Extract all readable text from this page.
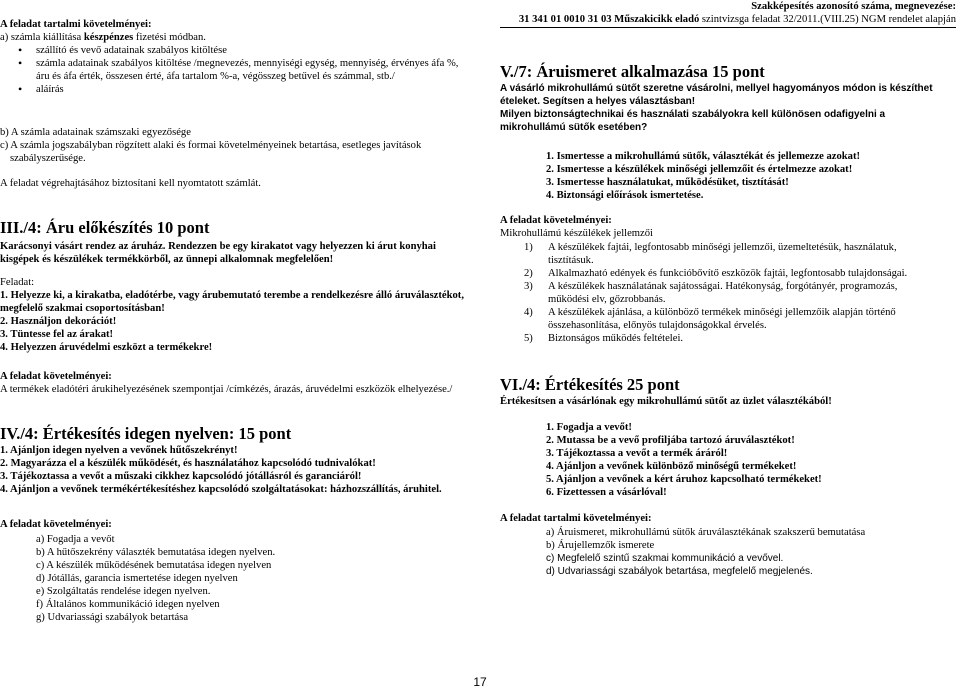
Szakképesítés azonosító száma, megnevezése:
31 341 01 0010 31 03 Műszakicikk eladó szintvizsga feladat 32/2011.(VIII.25) NGM rendelet alapján

A feladat tartalmi követelményei:

a) számla kiállítása készpénzes fizetési módban.

• szállító és vevő adatainak szabályos kitöltése
• számla adatainak szabályos kitöltése /megnevezés, mennyiségi egység, mennyiség, érvényes áfa %, áru és áfa érték, összesen érté, áfa tartalom %-a, végösszeg betűvel és számmal, stb./
• aláírás

b) A számla adatainak számszaki egyezősége

c) A számla jogszabályban rögzített alaki és formai követelményeinek betartása, esetleges javítások szabályszerűsége.

A feladat végrehajtásához biztosítani kell nyomtatott számlát.

III./4: Áru előkészítés 10 pont

Karácsonyi vásárt rendez az áruház. Rendezzen be egy kirakatot vagy helyezzen ki árut konyhai kisgépek és készülékek termékkörből, az ünnepi alkalomnak megfelelően!

Feladat:

1. Helyezze ki, a kirakatba, eladótérbe, vagy árubemutató terembe a rendelkezésre álló áruválasztékot, megfelelő szakmai csoportosításban!

2. Használjon dekorációt!

3. Tüntesse fel az árakat!

4. Helyezzen áruvédelmi eszközt a termékekre!

A feladat követelményei:

A termékek eladótéri árukihelyezésének szempontjai /címkézés, árazás, áruvédelmi eszközök elhelyezése./

IV./4: Értékesítés idegen nyelven: 15 pont

1. Ajánljon idegen nyelven a vevőnek hűtőszekrényt!

2. Magyarázza el a készülék működését, és használatához kapcsolódó tudnivalókat!

3. Tájékoztassa a vevőt a műszaki cikkhez kapcsolódó jótállásról és garanciáról!

4. Ajánljon a vevőnek termékértékesítéshez kapcsolódó szolgáltatásokat: házhozszállítás, áruhitel.

A feladat követelményei:

a) Fogadja a vevőt

b) A hűtőszekrény választék bemutatása idegen nyelven.

c) A készülék működésének bemutatása idegen nyelven

d) Jótállás, garancia ismertetése idegen nyelven

e) Szolgáltatás rendelése idegen nyelven.

f) Általános kommunikáció idegen nyelven

g) Udvariassági szabályok betartása

V./7: Áruismeret alkalmazása 15 pont

A vásárló mikrohullámú sütőt szeretne vásárolni, mellyel hagyományos módon is készíthet ételeket. Segítsen a helyes választásban!

Milyen biztonságtechnikai és használati szabályokra kell különösen odafigyelni a mikrohullámú sütők esetében?

1. Ismertesse a mikrohullámú sütők, választékát és jellemezze azokat!

2. Ismertesse a készülékek minőségi jellemzőit és értelmezze azokat!

3. Ismertesse használatukat, működésüket, tisztítását!

4. Biztonsági előírások ismertetése.

A feladat követelményei:

Mikrohullámú készülékek jellemzői

1)	A készülékek fajtái, legfontosabb minőségi jellemzői, üzemeltetésük, használatuk, tisztításuk.
2)	Alkalmazható edények és funkcióbővítő eszközök fajtái, legfontosabb tulajdonságai.
3)	A készülékek használatának sajátosságai. Hatékonyság, forgótányér, programozás, működési elv, gőzrobbanás.
4)	A készülékek ajánlása, a különböző termékek minőségi jellemzőik alapján történő összehasonlítása, előnyös tulajdonságokkal érvelés.
5)	Biztonságos működés feltételei.

VI./4: Értékesítés 25 pont

Értékesítsen a vásárlónak egy mikrohullámú sütőt az üzlet választékából!

1. Fogadja a vevőt!

2. Mutassa be a vevő profiljába tartozó áruválasztékot!

3. Tájékoztassa a vevőt a termék áráról!

4. Ajánljon a vevőnek különböző minőségű termékeket!

5. Ajánljon a vevőnek a kért áruhoz kapcsolható termékeket!

6. Fizettessen a vásárlóval!

A feladat tartalmi követelményei:

a) Áruismeret, mikrohullámú sütők áruválasztékának szakszerű bemutatása

b) Árujellemzők ismerete

c) Megfelelő szintű szakmai kommunikáció a vevővel.

d) Udvariassági szabályok betartása, megfelelő megjelenés.

17
